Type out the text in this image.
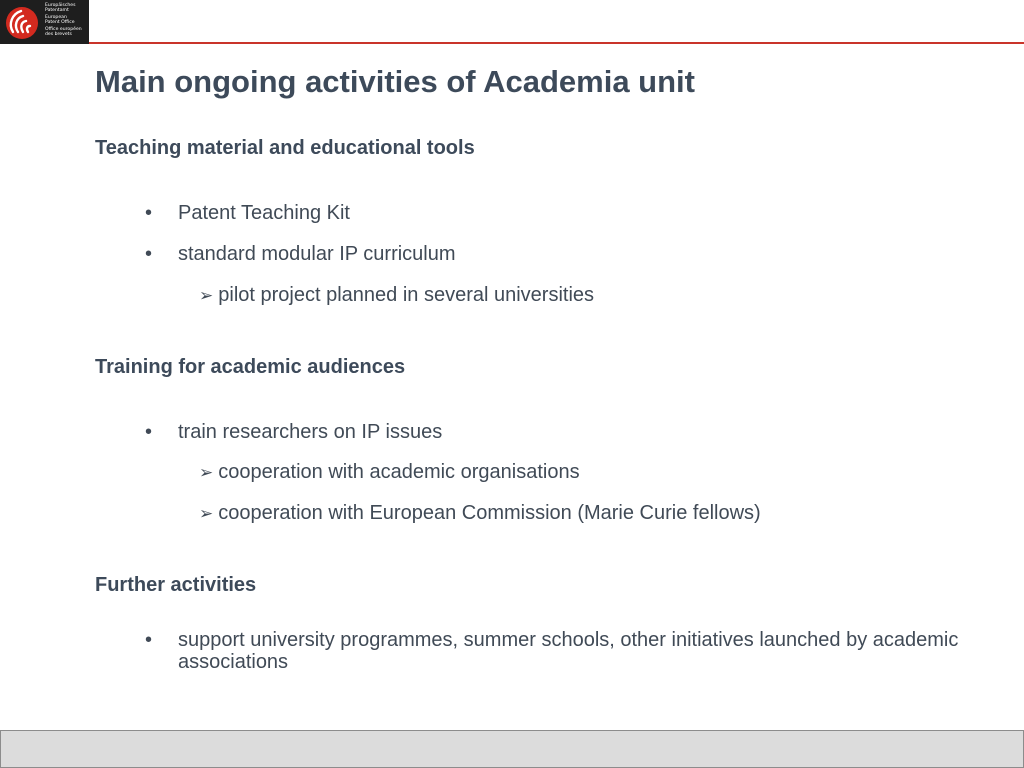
Europäisches
Patentamt
European
Patent Office
Office européen
des brevets
Main ongoing activities of Academia unit
Teaching material and educational tools
• Patent Teaching Kit
• standard modular IP curriculum
➢ pilot project planned in several universities
Training for academic audiences
• train researchers on IP issues
➢ cooperation with academic organisations
➢ cooperation with European Commission (Marie Curie fellows)
Further activities
• support university programmes, summer schools, other initiatives launched by academic associations
